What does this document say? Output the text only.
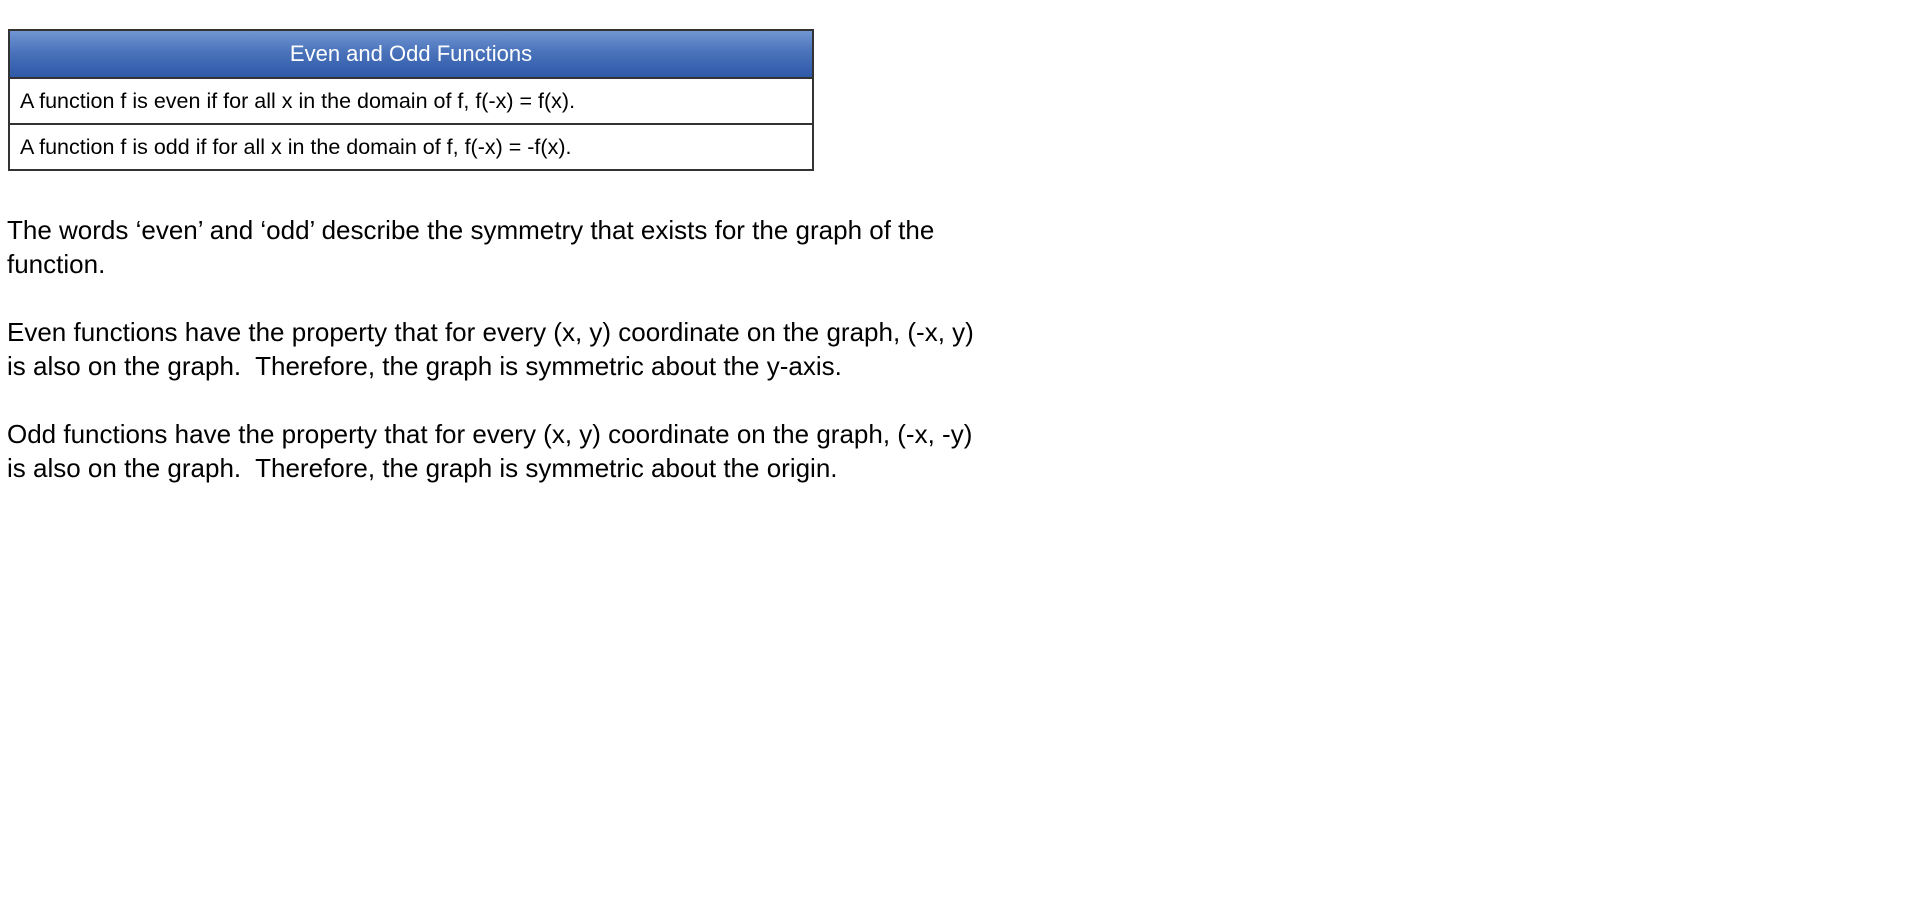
Even and Odd Functions
A function f is even if for all x in the domain of f, f(-x) = f(x).
A function f is odd if for all x in the domain of f, f(-x) = -f(x).
The words ‘even’ and ‘odd’ describe the symmetry that exists for the graph of the
function.
Even functions have the property that for every (x, y) coordinate on the graph, (-x, y)
is also on the graph.  Therefore, the graph is symmetric about the y-axis.
Odd functions have the property that for every (x, y) coordinate on the graph, (-x, -y)
is also on the graph.  Therefore, the graph is symmetric about the origin.
